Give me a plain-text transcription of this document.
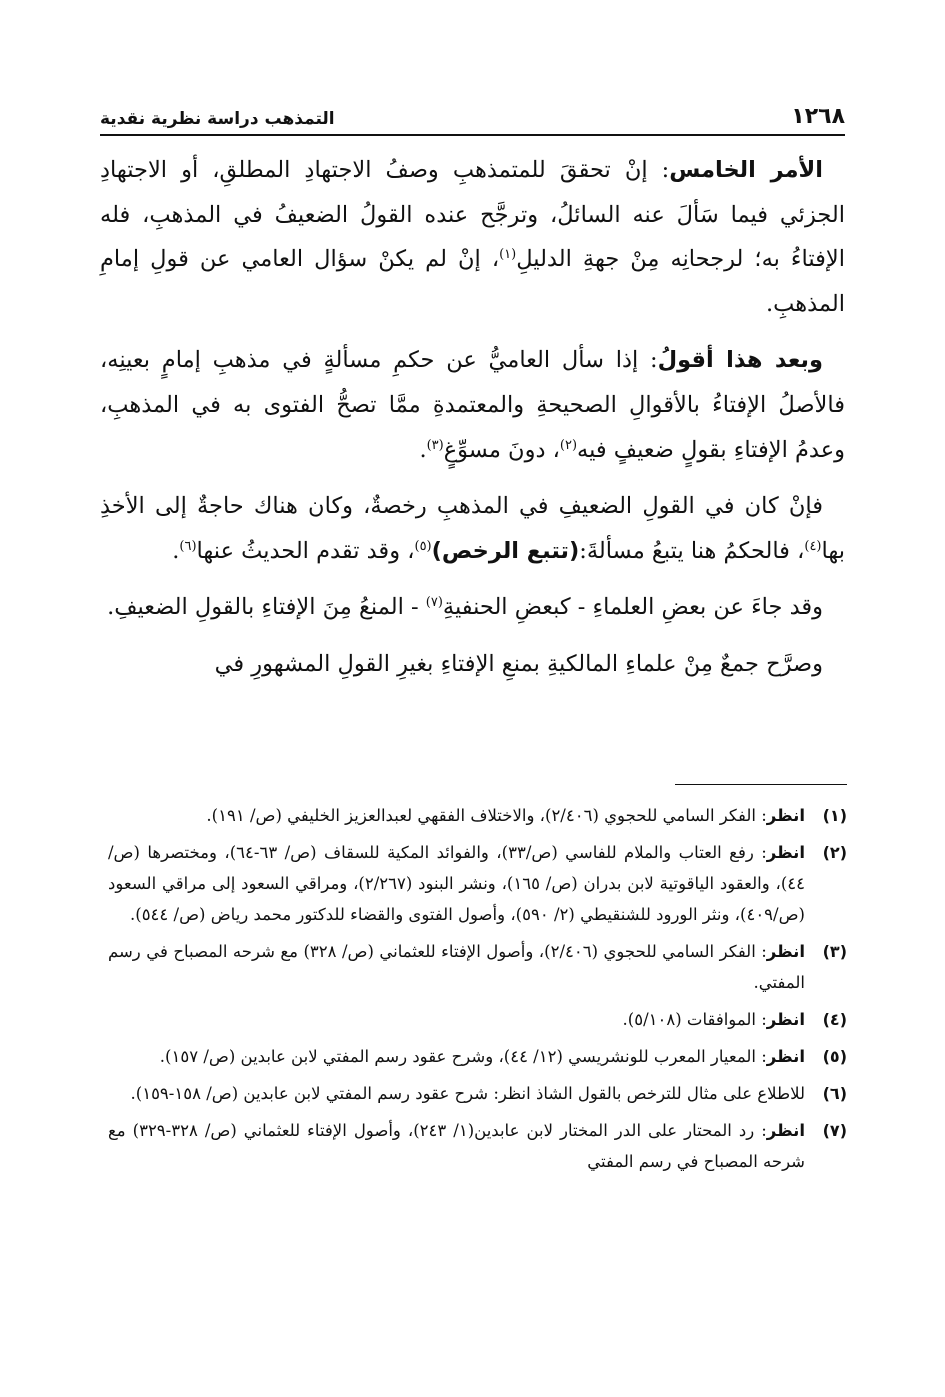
١٢٦٨
التمذهب دراسة نظرية نقدية

الأمر الخامس: إنْ تحققَ للمتمذهبِ وصفُ الاجتهادِ المطلقِ، أو الاجتهادِ الجزئي فيما سَألَ عنه السائلُ، وترجَّح عنده القولُ الضعيفُ في المذهبِ، فله الإفتاءُ به؛ لرجحانِه مِنْ جهةِ الدليلِ$^{(١)}$، إنْ لم يكنْ سؤال العامي عن قولِ إمامِ المذهبِ.

وبعد هذا أقولُ: إذا سأل العاميُّ عن حكمِ مسألةٍ في مذهبِ إمامٍ بعينِه، فالأصلُ الإفتاءُ بالأقوالِ الصحيحةِ والمعتمدةِ ممَّا تصحُّ الفتوى به في المذهبِ، وعدمُ الإفتاءِ بقولٍ ضعيفٍ فيه$^{(٢)}$، دونَ مسوِّغٍ$^{(٣)}$.

فإنْ كان في القولِ الضعيفِ في المذهبِ رخصةٌ، وكان هناك حاجةٌ إلى الأخذِ بها$^{(٤)}$، فالحكمُ هنا يتبعُ مسألةَ:(تتبع الرخص)$^{(٥)}$، وقد تقدم الحديثُ عنها$^{(٦)}$.

وقد جاءَ عن بعضِ العلماءِ - كبعضِ الحنفيةِ$^{(٧)}$ - المنعُ مِنَ الإفتاءِ بالقولِ الضعيفِ.

وصرَّح جمعٌ مِنْ علماءِ المالكيةِ بمنعِ الإفتاءِ بغيرِ القولِ المشهورِ في

(١)
انظر: الفكر السامي للحجوي (٢/٤٠٦)، والاختلاف الفقهي لعبدالعزيز الخليفي (ص/ ١٩١).
(٢)
انظر: رفع العتاب والملام للفاسي (ص/٣٣)، والفوائد المكية للسقاف (ص/ ٦٣-٦٤)، ومختصرها (ص/ ٤٤)، والعقود الياقوتية لابن بدران (ص/ ١٦٥)، ونشر البنود (٢/٢٦٧)، ومراقي السعود إلى مراقي السعود (ص/٤٠٩)، ونثر الورود للشنقيطي (٢/ ٥٩٠)، وأصول الفتوى والقضاء للدكتور محمد رياض (ص/ ٥٤٤).
(٣)
انظر: الفكر السامي للحجوي (٢/٤٠٦)، وأصول الإفتاء للعثماني (ص/ ٣٢٨) مع شرحه المصباح في رسم المفتي.
(٤)
انظر: الموافقات (٥/١٠٨).
(٥)
انظر: المعيار المعرب للونشريسي (١٢/ ٤٤)، وشرح عقود رسم المفتي لابن عابدين (ص/ ١٥٧).
(٦)
للاطلاع على مثال للترخص بالقول الشاذ انظر: شرح عقود رسم المفتي لابن عابدين (ص/ ١٥٨-١٥٩).
(٧)
انظر: رد المحتار على الدر المختار لابن عابدين(١/ ٢٤٣)، وأصول الإفتاء للعثماني (ص/ ٣٢٨-٣٢٩) مع شرحه المصباح في رسم المفتي
